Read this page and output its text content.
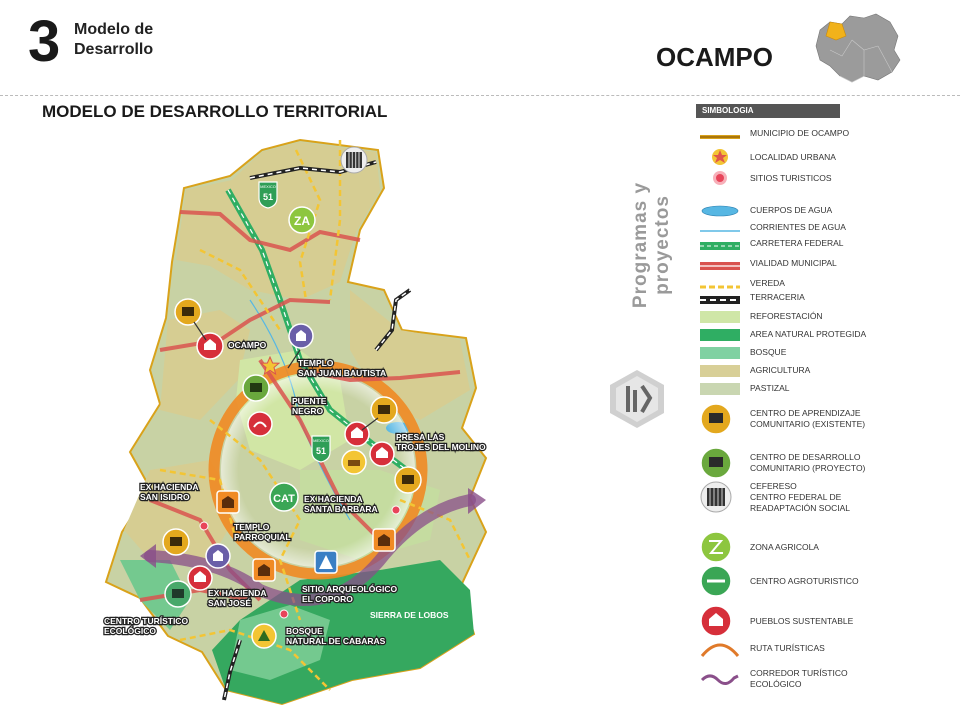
3 Modelo de
Desarrollo	OCAMPO
MODELO DE DESARROLLO TERRITORIAL
MEXICO
51
MEXICO
51
ZA
CAT
OCAMPO
TEMPLO
SAN JUAN BAUTISTA
PUENTE
NEGRO
PRESA LAS
TROJES DEL MOLINO
EX HACIENDA
SAN ISIDRO	EX HACIENDA
SANTA BARBARA
TEMPLO
PARROQUIAL
EX HACIENDA
SAN JOSÉ
SITIO ARQUEOLÓGICO
EL COPORO
CENTRO TURÍSTICO
ECOLÓGICO	BOSQUE
NATURAL DE CABARAS
SIERRA DE LOBOS
Programas y proyectos
SIMBOLOGIA
MUNICIPIO DE OCAMPO
LOCALIDAD URBANA
SITIOS TURISTICOS
CUERPOS DE AGUA
CORRIENTES DE AGUA
CARRETERA FEDERAL
VIALIDAD MUNICIPAL
VEREDA
TERRACERIA
REFORESTACIÓN
AREA NATURAL PROTEGIDA
BOSQUE
AGRICULTURA
PASTIZAL
CENTRO DE APRENDIZAJE
COMUNITARIO (EXISTENTE)
CENTRO DE DESARROLLO
COMUNITARIO (PROYECTO)
CEFERESO
CENTRO FEDERAL DE
READAPTACIÓN SOCIAL
ZONA AGRICOLA
CENTRO AGROTURISTICO
PUEBLOS SUSTENTABLE
RUTA TURÍSTICAS
CORREDOR TURÍSTICO
ECOLÓGICO
